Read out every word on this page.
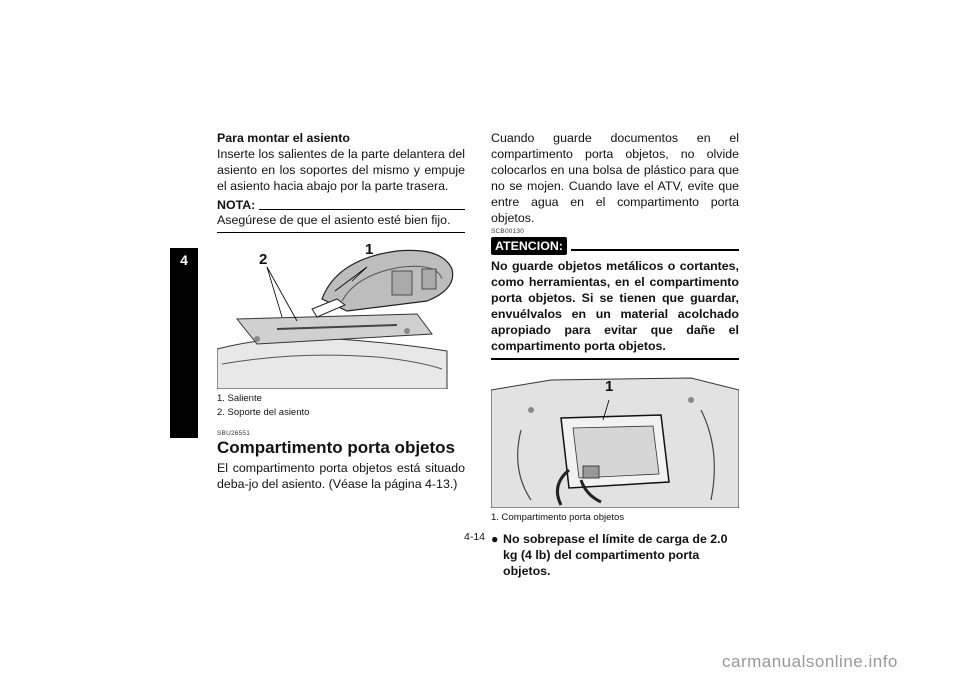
4

Para montar el asiento

Inserte los salientes de la parte delantera del asiento en los soportes del mismo y empuje el asiento hacia abajo por la parte trasera.

NOTA:
Asegúrese de que el asiento esté bien fijo.
1
2

1. Saliente

2. Soporte del asiento

SBU26551
Compartimento porta objetos

El compartimento porta objetos está situado deba-jo del asiento. (Véase la página 4-13.)

Cuando guarde documentos en el compartimento porta objetos, no olvide colocarlos en una bolsa de plástico para que no se mojen. Cuando lave el ATV, evite que entre agua en el compartimento porta objetos.

SCB00130
ATENCION:

No guarde objetos metálicos o cortantes, como herramientas, en el compartimento porta objetos. Si se tienen que guardar, envuélvalos en un material acolchado apropiado para evitar que dañe el compartimento porta objetos.

1

1. Compartimento porta objetos

● No sobrepase el límite de carga de 2.0 kg (4 lb) del compartimento porta objetos.
4-14
carmanualsonline.info
